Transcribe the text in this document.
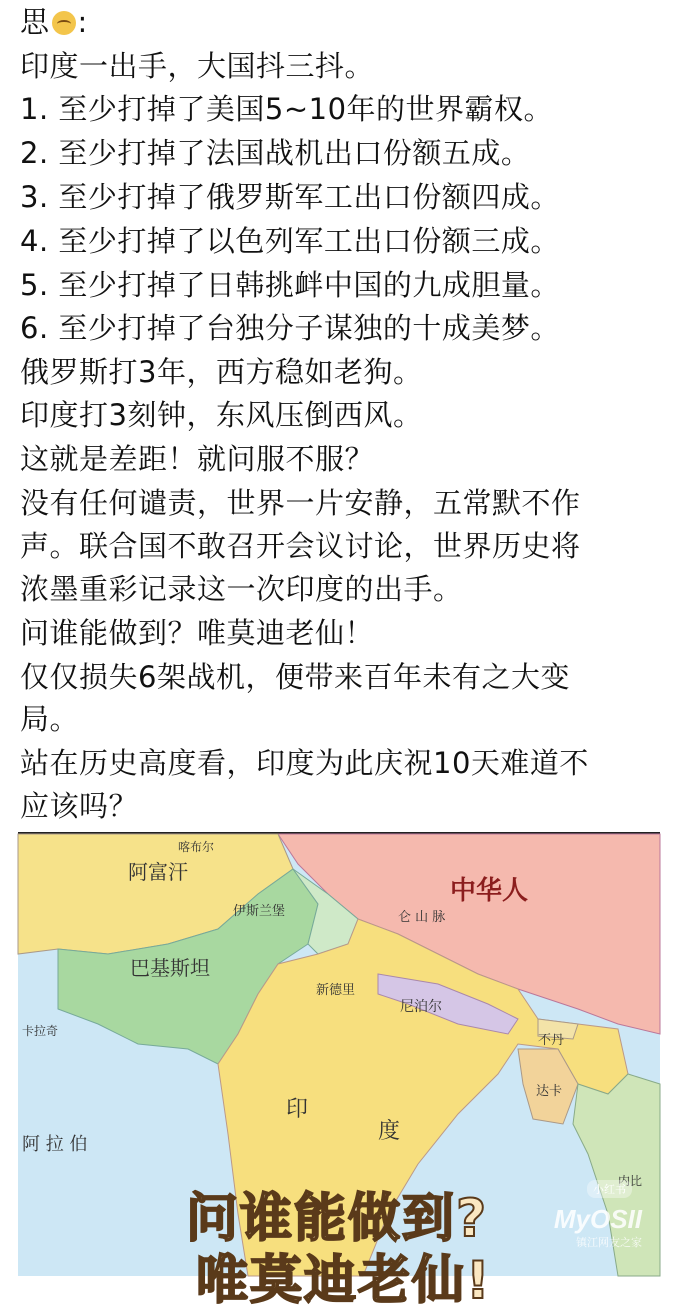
思 :
印度一出手，大国抖三抖。
1. 至少打掉了美国5~10年的世界霸权。
2. 至少打掉了法国战机出口份额五成。
3. 至少打掉了俄罗斯军工出口份额四成。
4. 至少打掉了以色列军工出口份额三成。
5. 至少打掉了日韩挑衅中国的九成胆量。
6. 至少打掉了台独分子谋独的十成美梦。
俄罗斯打3年，西方稳如老狗。
印度打3刻钟，东风压倒西风。
这就是差距！就问服不服？
没有任何谴责，世界一片安静，五常默不作
声。联合国不敢召开会议讨论，世界历史将
浓墨重彩记录这一次印度的出手。
问谁能做到？唯莫迪老仙！
仅仅损失6架战机，便带来百年未有之大变
局。
站在历史高度看，印度为此庆祝10天难道不
应该吗？
阿富汗
喀布尔
伊斯兰堡
巴基斯坦
中华人
仑 山 脉
新德里
尼泊尔
不丹
达卡
印
度
卡拉奇
阿 拉 伯
内比
问谁能做到?
唯莫迪老仙!
小红书
MyOSII
镇江网友之家
